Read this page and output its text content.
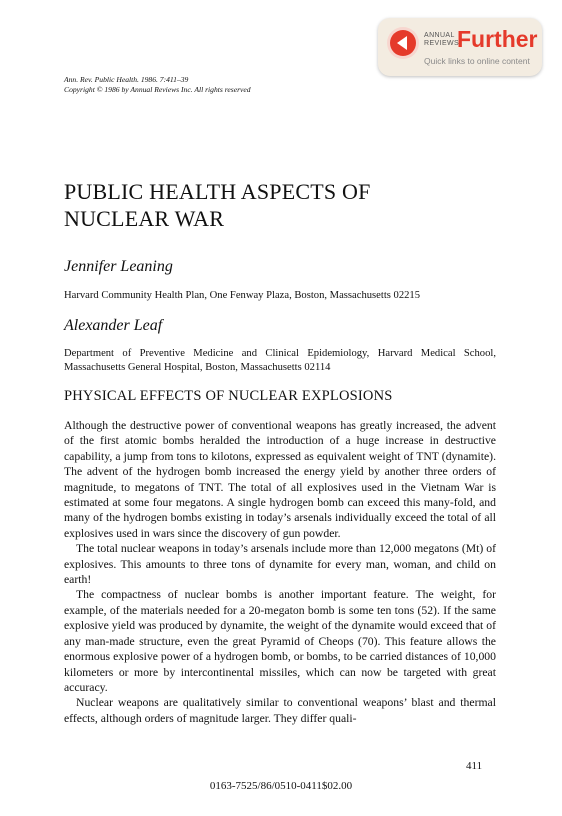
ANNUAL
REVIEWS
Further
Quick links to online content
Ann. Rev. Public Health. 1986. 7:411–39
Copyright © 1986 by Annual Reviews Inc. All rights reserved
PUBLIC HEALTH ASPECTS OF
NUCLEAR WAR
Jennifer Leaning
Harvard Community Health Plan, One Fenway Plaza, Boston, Massachusetts 02215
Alexander Leaf
Department of Preventive Medicine and Clinical Epidemiology, Harvard Medical School, Massachusetts General Hospital, Boston, Massachusetts 02114
PHYSICAL EFFECTS OF NUCLEAR EXPLOSIONS

Although the destructive power of conventional weapons has greatly increased, the advent of the first atomic bombs heralded the introduction of a huge increase in destructive capability, a jump from tons to kilotons, expressed as equivalent weight of TNT (dynamite). The advent of the hydrogen bomb increased the energy yield by another three orders of magnitude, to megatons of TNT. The total of all explosives used in the Vietnam War is estimated at some four megatons. A single hydrogen bomb can exceed this many-fold, and many of the hydrogen bombs existing in today’s arsenals individually exceed the total of all explosives used in wars since the discovery of gun powder.

The total nuclear weapons in today’s arsenals include more than 12,000 megatons (Mt) of explosives. This amounts to three tons of dynamite for every man, woman, and child on earth!

The compactness of nuclear bombs is another important feature. The weight, for example, of the materials needed for a 20-megaton bomb is some ten tons (52). If the same explosive yield was produced by dynamite, the weight of the dynamite would exceed that of any man-made structure, even the great Pyramid of Cheops (70). This feature allows the enormous explosive power of a hydrogen bomb, or bombs, to be carried distances of 10,000 kilometers or more by intercontinental missiles, which can now be targeted with great accuracy.

Nuclear weapons are qualitatively similar to conventional weapons’ blast and thermal effects, although orders of magnitude larger. They differ quali-

411
0163-7525/86/0510-0411$02.00
